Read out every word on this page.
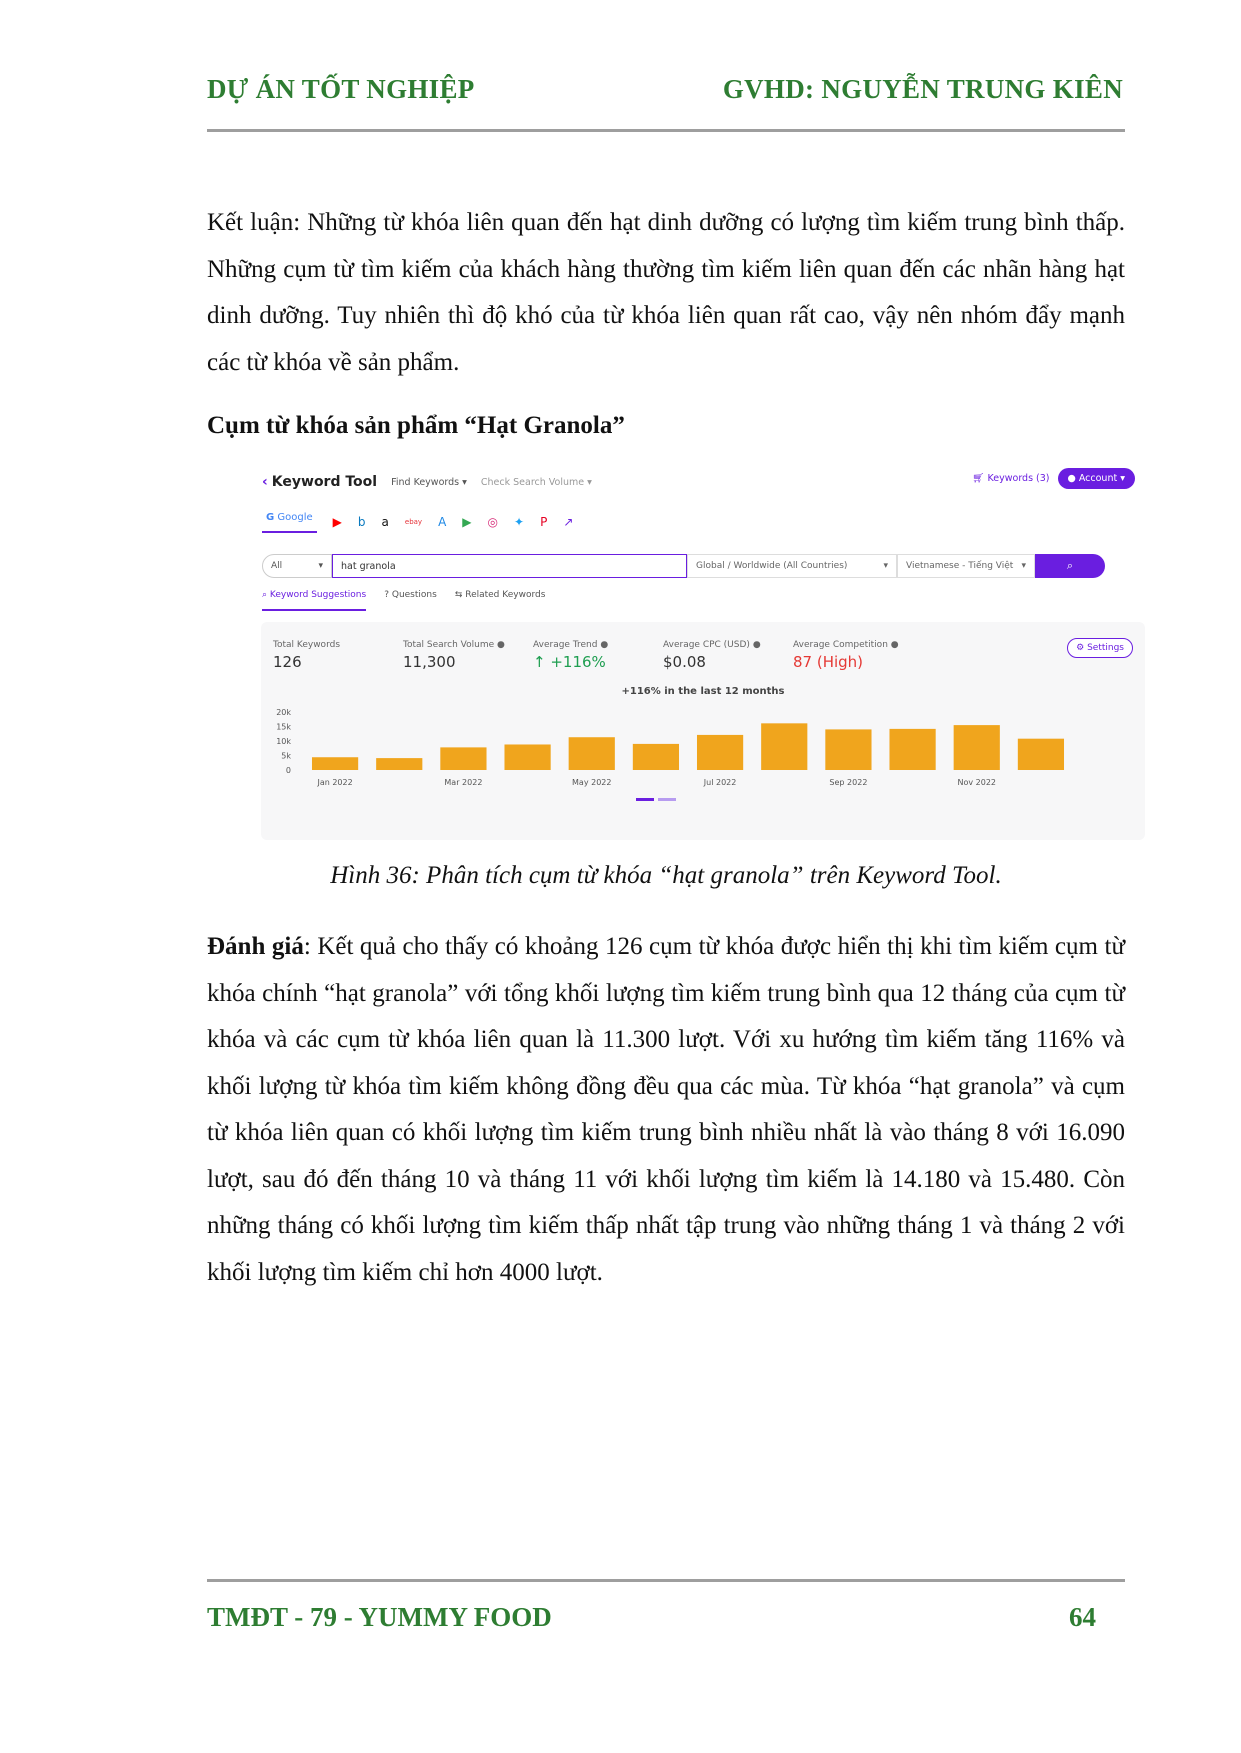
DỰ ÁN TỐT NGHIỆP	GVHD: NGUYỄN TRUNG KIÊN

Kết luận: Những từ khóa liên quan đến hạt dinh dưỡng có lượng tìm kiếm trung bình thấp. Những cụm từ tìm kiếm của khách hàng thường tìm kiếm liên quan đến các nhãn hàng hạt dinh dưỡng. Tuy nhiên thì độ khó của từ khóa liên quan rất cao, vậy nên nhóm đẩy mạnh các từ khóa về sản phẩm.

Cụm từ khóa sản phẩm “Hạt Granola”
‹ Keyword Tool Find Keywords ▾ Check Search Volume ▾	🛒︎ Keywords (3)	● Account ▾
G Google	▶ b a ebay A ▶ ◎ ✦ P ↗
All	▾	hat granola	Global / Worldwide (All Countries)	▾ Vietnamese - Tiếng Việt ▾	⌕
⌕ Keyword Suggestions ? Questions ⇆ Related Keywords
Total Keywords
126
Total Search Volume ●
11,300
Average Trend ●
↑ +116%
Average CPC (USD) ●
$0.08
Average Competition ●
87 (High)
⚙ Settings
+116% in the last 12 months
0
5k
10k
15k
20k
Jan 2022	Mar 2022	May 2022	Jul 2022	Sep 2022	Nov 2022
Hình 36: Phân tích cụm từ khóa “hạt granola” trên Keyword Tool.

Đánh giá: Kết quả cho thấy có khoảng 126 cụm từ khóa được hiển thị khi tìm kiếm cụm từ khóa chính “hạt granola” với tổng khối lượng tìm kiếm trung bình qua 12 tháng của cụm từ khóa và các cụm từ khóa liên quan là 11.300 lượt. Với xu hướng tìm kiếm tăng 116% và khối lượng từ khóa tìm kiếm không đồng đều qua các mùa. Từ khóa “hạt granola” và cụm từ khóa liên quan có khối lượng tìm kiếm trung bình nhiều nhất là vào tháng 8 với 16.090 lượt, sau đó đến tháng 10 và tháng 11 với khối lượng tìm kiếm là 14.180 và 15.480. Còn những tháng có khối lượng tìm kiếm thấp nhất tập trung vào những tháng 1 và tháng 2 với khối lượng tìm kiếm chỉ hơn 4000 lượt.

TMĐT - 79 - YUMMY FOOD	64
